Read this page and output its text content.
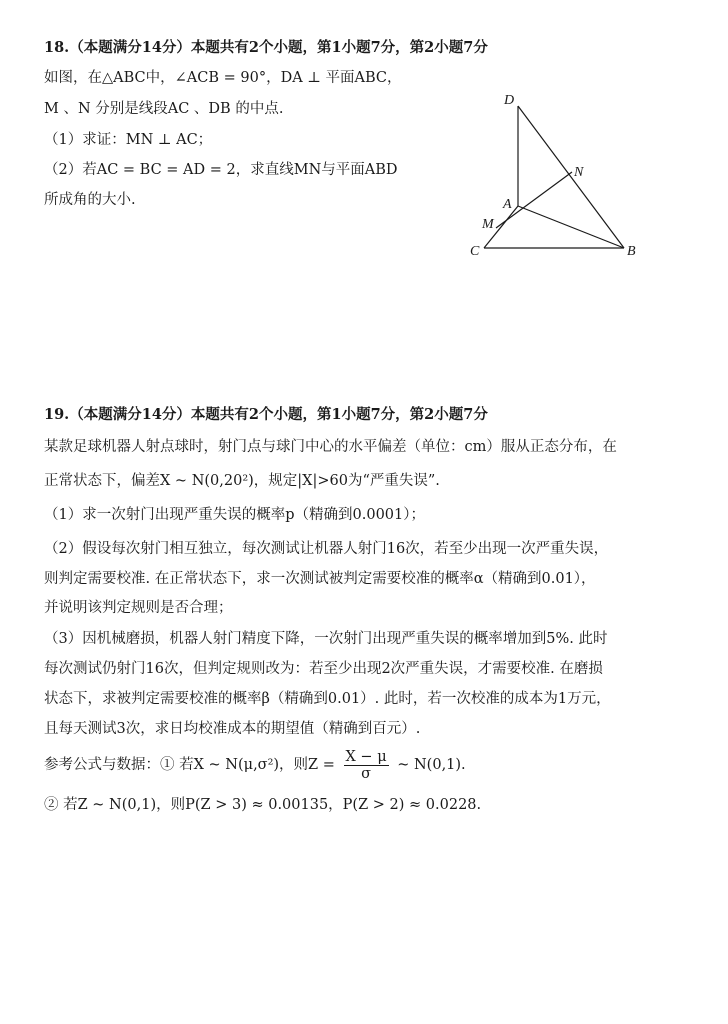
18.（本题满分14分）本题共有2个小题，第1小题7分，第2小题7分
如图，在△ABC中，∠ACB = 90°，DA ⊥ 平面ABC，
M 、N 分别是线段AC 、DB 的中点.
（1）求证：MN ⊥ AC；
（2）若AC = BC = AD = 2，求直线MN与平面ABD
所成角的大小.
D
N
A
M
C	B
19.（本题满分14分）本题共有2个小题，第1小题7分，第2小题7分
某款足球机器人射点球时，射门点与球门中心的水平偏差（单位：cm）服从正态分布，在
正常状态下，偏差X ~ N(0,20²)，规定|X|>60为“严重失误”.
（1）求一次射门出现严重失误的概率p（精确到0.0001）；
（2）假设每次射门相互独立，每次测试让机器人射门16次，若至少出现一次严重失误，
则判定需要校准. 在正常状态下，求一次测试被判定需要校准的概率α（精确到0.01），
并说明该判定规则是否合理；
（3）因机械磨损，机器人射门精度下降，一次射门出现严重失误的概率增加到5%. 此时
每次测试仍射门16次，但判定规则改为：若至少出现2次严重失误，才需要校准. 在磨损
状态下，求被判定需要校准的概率β（精确到0.01）. 此时，若一次校准的成本为1万元，
且每天测试3次，求日均校准成本的期望值（精确到百元）.
参考公式与数据：① 若X ~ N(μ,σ²)，则$Z = \frac{X - \mu}{\sigma}$ ~ N(0,1).
② 若Z ~ N(0,1)，则P(Z > 3) ≈ 0.00135，P(Z > 2) ≈ 0.0228.
